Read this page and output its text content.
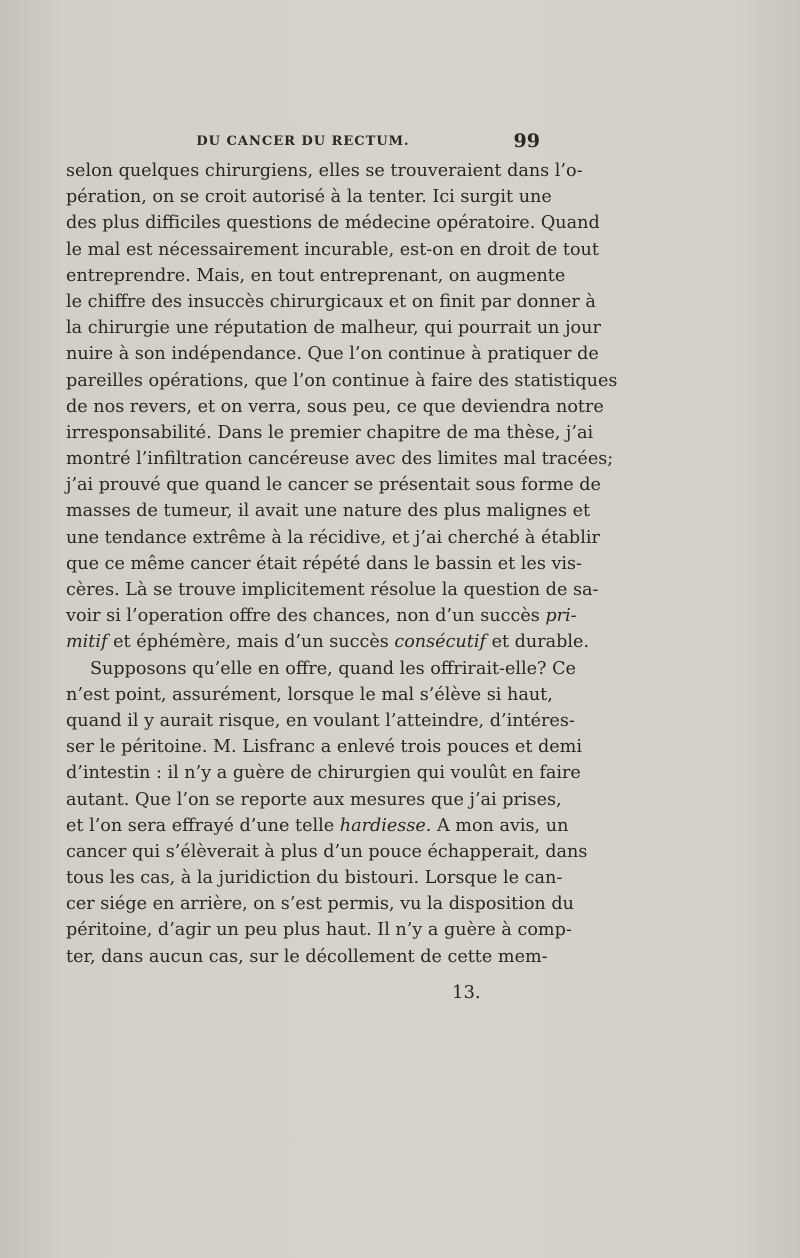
DU CANCER DU RECTUM.	99
selon quelques chirurgiens, elles se trouveraient dans l’o-
pération, on se croit autorisé à la tenter. Ici surgit une
des plus difficiles questions de médecine opératoire. Quand
le mal est nécessairement incurable, est-on en droit de tout
entreprendre. Mais, en tout entreprenant, on augmente
le chiffre des insuccès chirurgicaux et on finit par donner à
la chirurgie une réputation de malheur, qui pourrait un jour
nuire à son indépendance. Que l’on continue à pratiquer de
pareilles opérations, que l’on continue à faire des statistiques
de nos revers, et on verra, sous peu, ce que deviendra notre
irresponsabilité. Dans le premier chapitre de ma thèse, j’ai
montré l’infiltration cancéreuse avec des limites mal tracées;
j’ai prouvé que quand le cancer se présentait sous forme de
masses de tumeur, il avait une nature des plus malignes et
une tendance extrême à la récidive, et j’ai cherché à établir
que ce même cancer était répété dans le bassin et les vis-
cères. Là se trouve implicitement résolue la question de sa-
voir si l’operation offre des chances, non d’un succès pri-
mitif et éphémère, mais d’un succès consécutif et durable.
Supposons qu’elle en offre, quand les offrirait-elle? Ce
n’est point, assurément, lorsque le mal s’élève si haut,
quand il y aurait risque, en voulant l’atteindre, d’intéres-
ser le péritoine. M. Lisfranc a enlevé trois pouces et demi
d’intestin : il n’y a guère de chirurgien qui voulût en faire
autant. Que l’on se reporte aux mesures que j’ai prises,
et l’on sera effrayé d’une telle hardiesse. A mon avis, un
cancer qui s’élèverait à plus d’un pouce échapperait, dans
tous les cas, à la juridiction du bistouri. Lorsque le can-
cer siége en arrière, on s’est permis, vu la disposition du
péritoine, d’agir un peu plus haut. Il n’y a guère à comp-
ter, dans aucun cas, sur le décollement de cette mem-
13.
